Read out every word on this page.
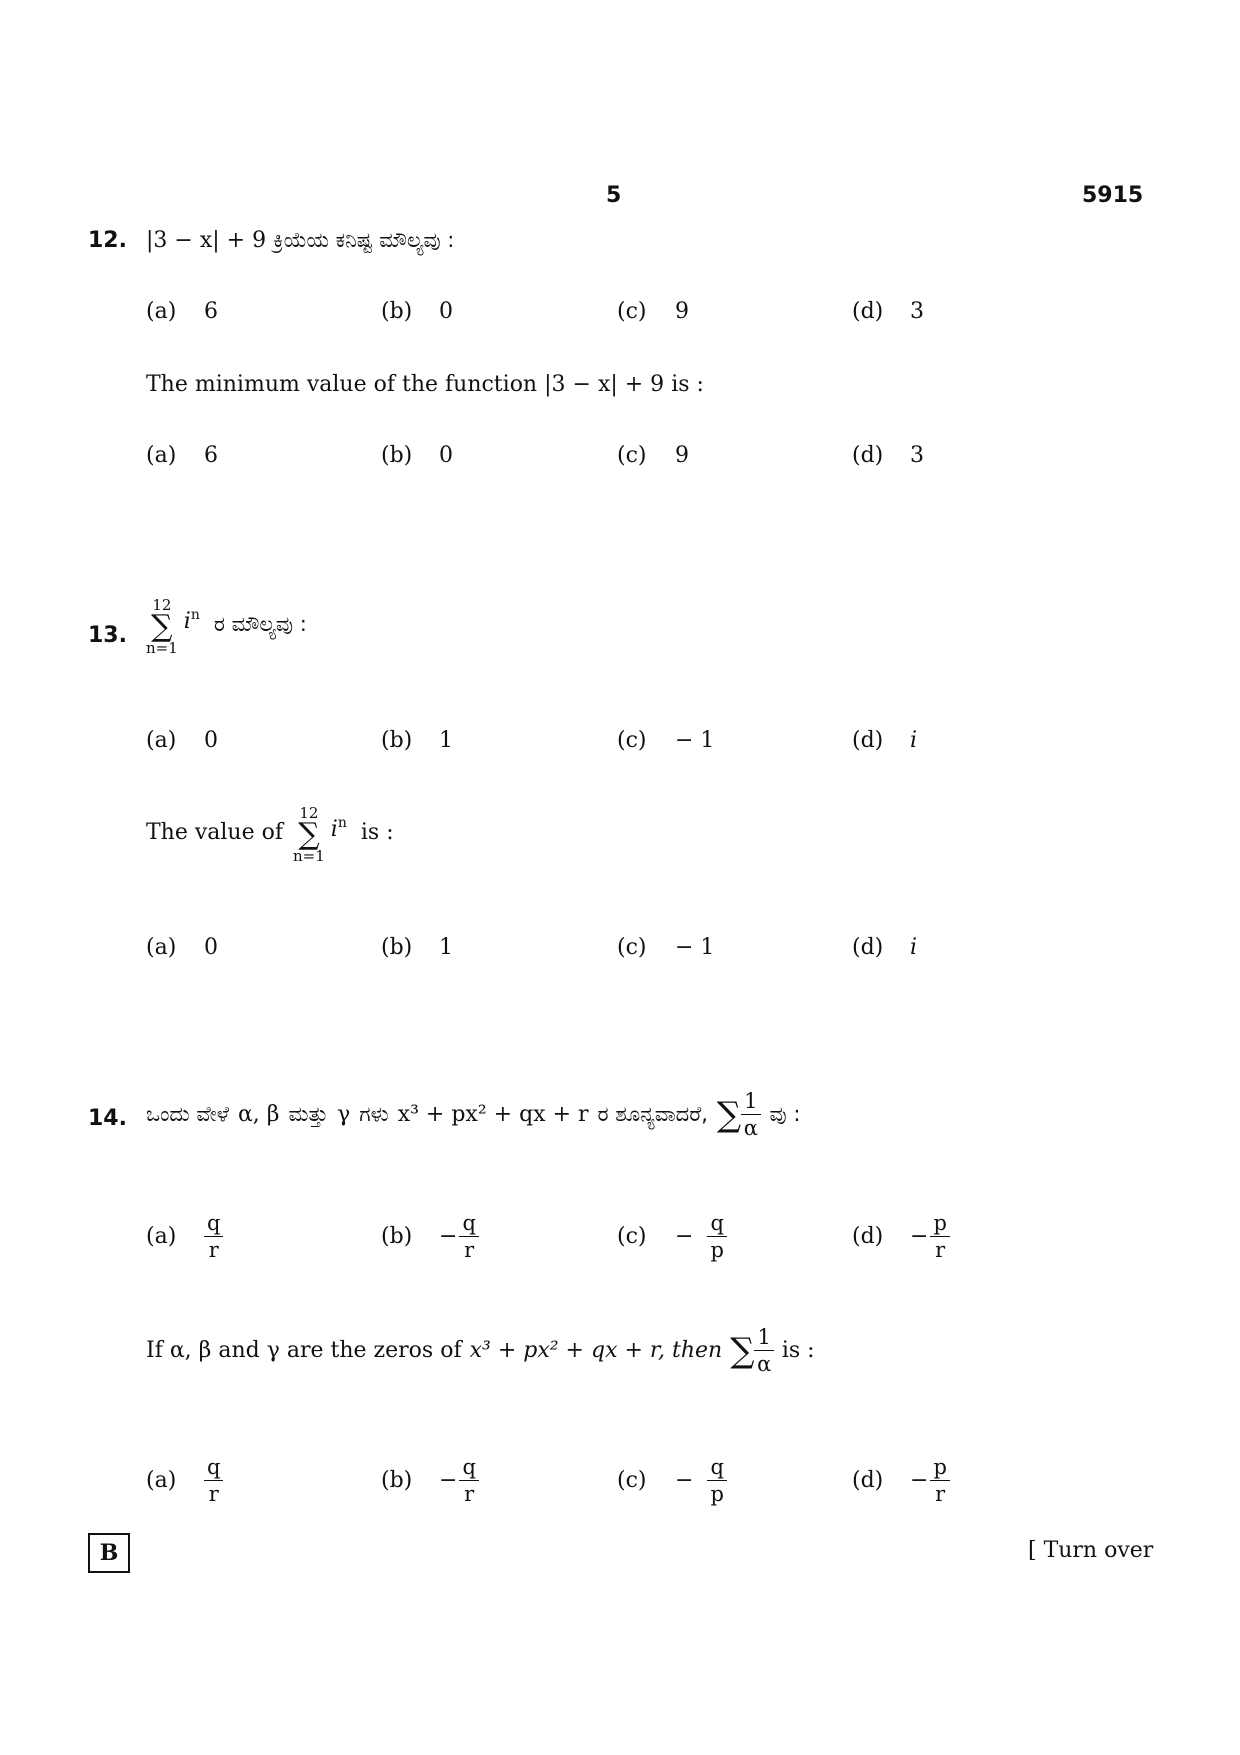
5	5915
12. |3 − x| + 9 ಕ್ರಿಯೆಯ ಕನಿಷ್ಟ ಮೌಲ್ಯವು :
(a)	6	(b)	0	(c)	9	(d)	3
The minimum value of the function |3 − x| + 9 is :
(a)	6	(b)	0	(c)	9	(d)	3
13.
12
∑
n=1
$i^n$ ರ ಮೌಲ್ಯವು :
(a)	0	(b)	1	(c)	− 1	(d)	i
The value of
12
∑
n=1
$i^n$ is :
(a)	0	(b)	1	(c)	− 1	(d)	i
14. ಒಂದು ವೇಳೆ α, β ಮತ್ತು γ ಗಳು x³ + px² + qx + r ರ ಶೂನ್ಯವಾದರೆ, ∑ $\frac{1}{\alpha}$ ವು :
(a)	$\frac{q}{r}$	(b)	− $\frac{q}{r}$	(c)	− $\frac{q}{p}$	(d)	− $\frac{p}{r}$
If α, β and γ are the zeros of x³ + px² + qx + r, then ∑ $\frac{1}{\alpha}$ is :
(a)	$\frac{q}{r}$	(b)	− $\frac{q}{r}$	(c)	− $\frac{q}{p}$	(d)	− $\frac{p}{r}$
B	[ Turn over
